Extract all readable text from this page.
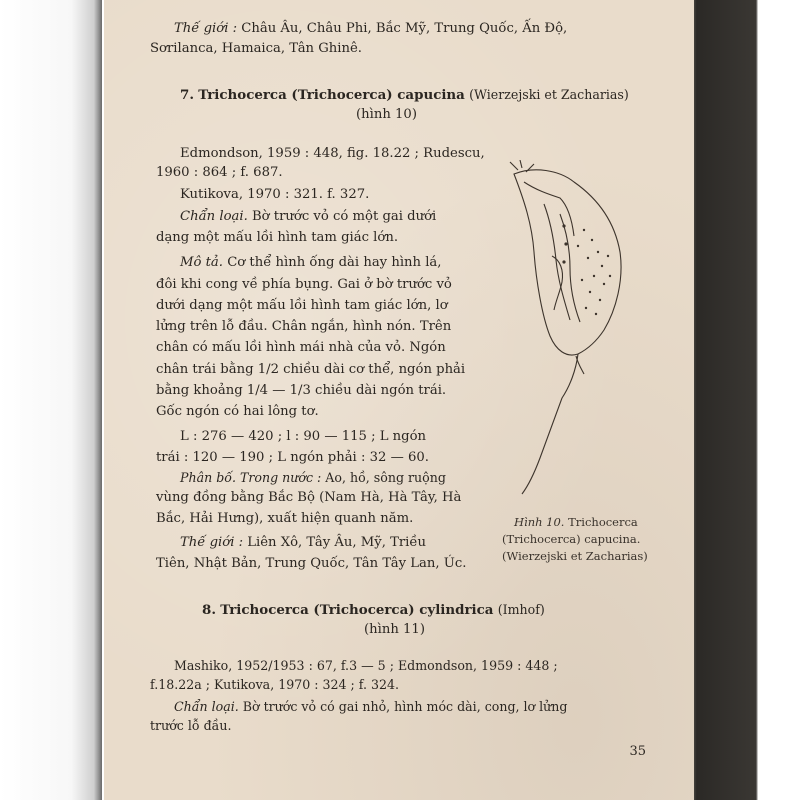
Thế giới : Châu Âu, Châu Phi, Bắc Mỹ, Trung Quốc, Ấn Độ,
Sơrilanca, Hamaica, Tân Ghinê.
7. Trichocerca (Trichocerca) capucina (Wierzejski et Zacharias)
(hình 10)
Edmondson, 1959 : 448, fig. 18.22 ; Rudescu,
1960 : 864 ; f. 687.
Kutikova, 1970 : 321. f. 327.
Chẩn loại. Bờ trước vỏ có một gai dưới
dạng một mấu lồi hình tam giác lớn.
Mô tả. Cơ thể hình ống dài hay hình lá,
đôi khi cong về phía bụng. Gai ở bờ trước vỏ
dưới dạng một mấu lồi hình tam giác lớn, lơ
lửng trên lỗ đầu. Chân ngắn, hình nón. Trên
chân có mấu lồi hình mái nhà của vỏ. Ngón
chân trái bằng 1/2 chiều dài cơ thể, ngón phải
bằng khoảng 1/4 — 1/3 chiều dài ngón trái.
Gốc ngón có hai lông tơ.
L : 276 — 420 ; l : 90 — 115 ; L ngón
trái : 120 — 190 ; L ngón phải : 32 — 60.
Phân bố. Trong nước : Ao, hồ, sông ruộng
vùng đồng bằng Bắc Bộ (Nam Hà, Hà Tây, Hà
Bắc, Hải Hưng), xuất hiện quanh năm.
Thế giới : Liên Xô, Tây Âu, Mỹ, Triều
Tiên, Nhật Bản, Trung Quốc, Tân Tây Lan, Úc.
Hình 10. Trichocerca
(Trichocerca) capucina.
(Wierzejski et Zacharias)
8. Trichocerca (Trichocerca) cylindrica (Imhof)
(hình 11)
Mashiko, 1952/1953 : 67, f.3 — 5 ; Edmondson, 1959 : 448 ;
f.18.22a ; Kutikova, 1970 : 324 ; f. 324.
Chẩn loại. Bờ trước vỏ có gai nhỏ, hình móc dài, cong, lơ lửng
trước lỗ đầu.
35
